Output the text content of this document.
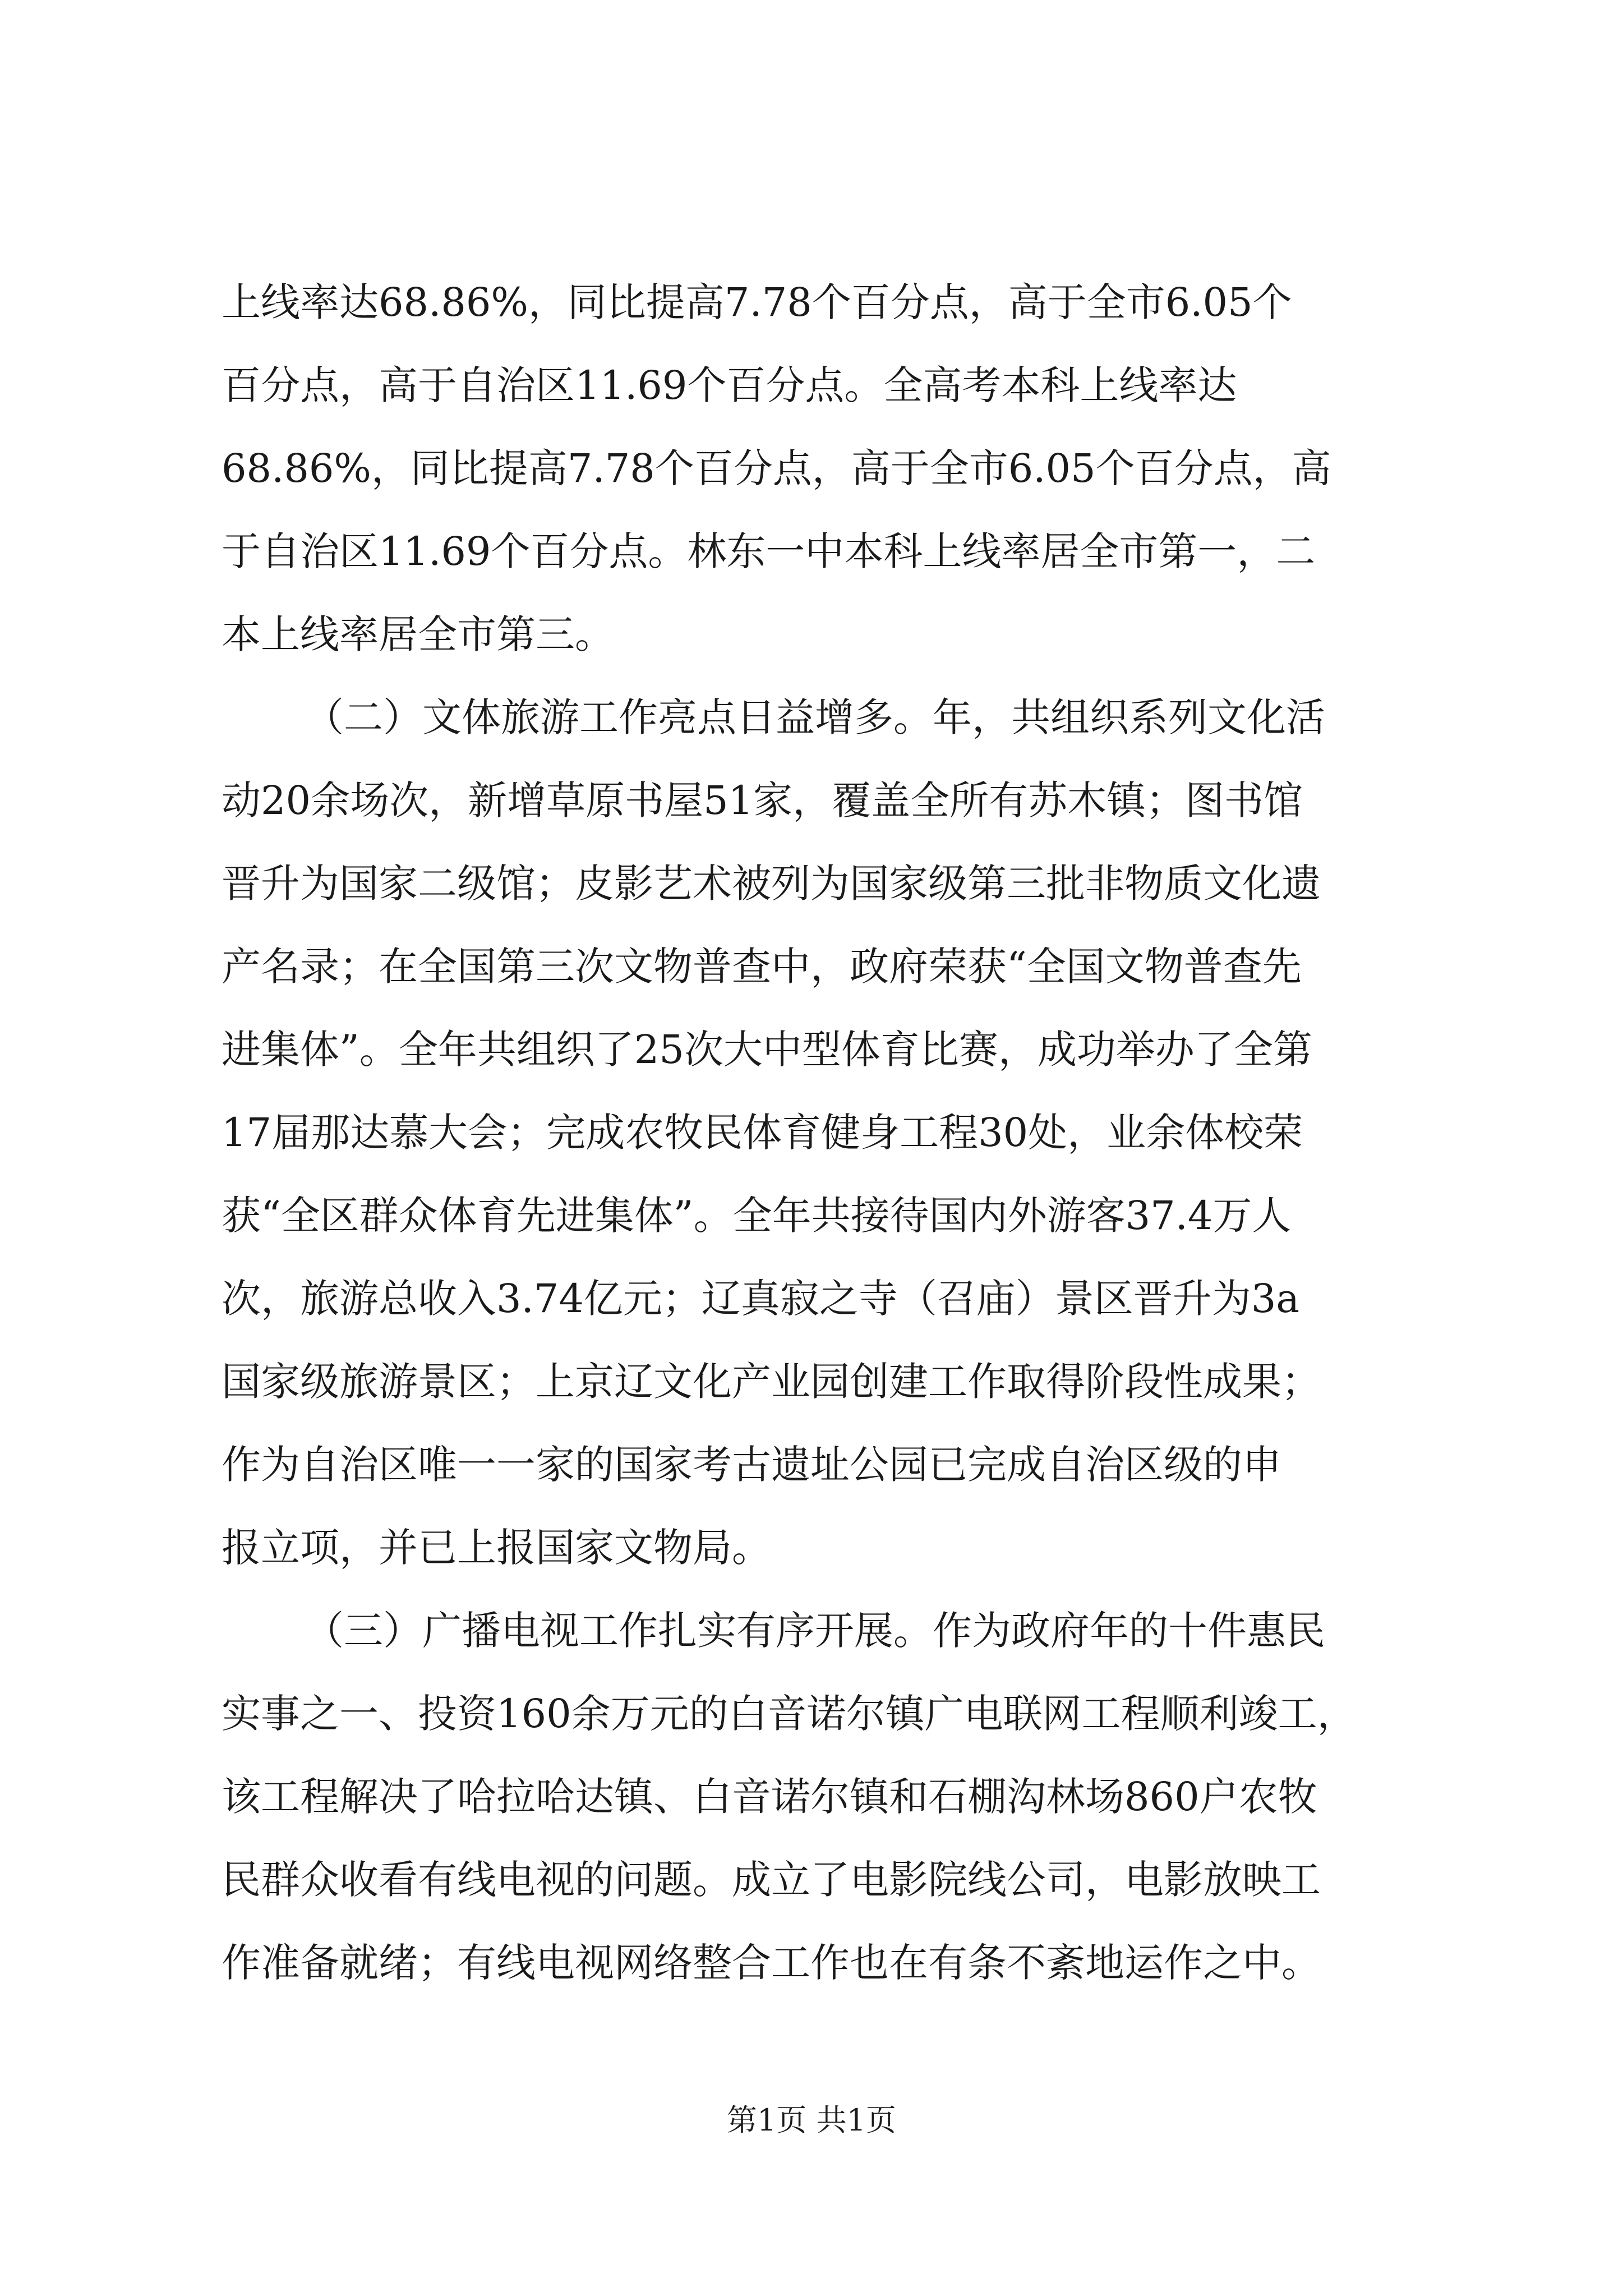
上线率达68.86%，同比提高7.78个百分点，高于全市6.05个
百分点，高于自治区11.69个百分点。全高考本科上线率达
68.86%，同比提高7.78个百分点，高于全市6.05个百分点，高
于自治区11.69个百分点。林东一中本科上线率居全市第一，二
本上线率居全市第三。
（二）文体旅游工作亮点日益增多。年，共组织系列文化活
动20余场次，新增草原书屋51家，覆盖全所有苏木镇；图书馆
晋升为国家二级馆；皮影艺术被列为国家级第三批非物质文化遗
产名录；在全国第三次文物普查中，政府荣获“全国文物普查先
进集体”。全年共组织了25次大中型体育比赛，成功举办了全第
17届那达慕大会；完成农牧民体育健身工程30处，业余体校荣
获“全区群众体育先进集体”。全年共接待国内外游客37.4万人
次，旅游总收入3.74亿元；辽真寂之寺（召庙）景区晋升为3a
国家级旅游景区；上京辽文化产业园创建工作取得阶段性成果；
作为自治区唯一一家的国家考古遗址公园已完成自治区级的申
报立项，并已上报国家文物局。
（三）广播电视工作扎实有序开展。作为政府年的十件惠民
实事之一、投资160余万元的白音诺尔镇广电联网工程顺利竣工，
该工程解决了哈拉哈达镇、白音诺尔镇和石棚沟林场860户农牧
民群众收看有线电视的问题。成立了电影院线公司，电影放映工
作准备就绪；有线电视网络整合工作也在有条不紊地运作之中。
第1页 共1页
